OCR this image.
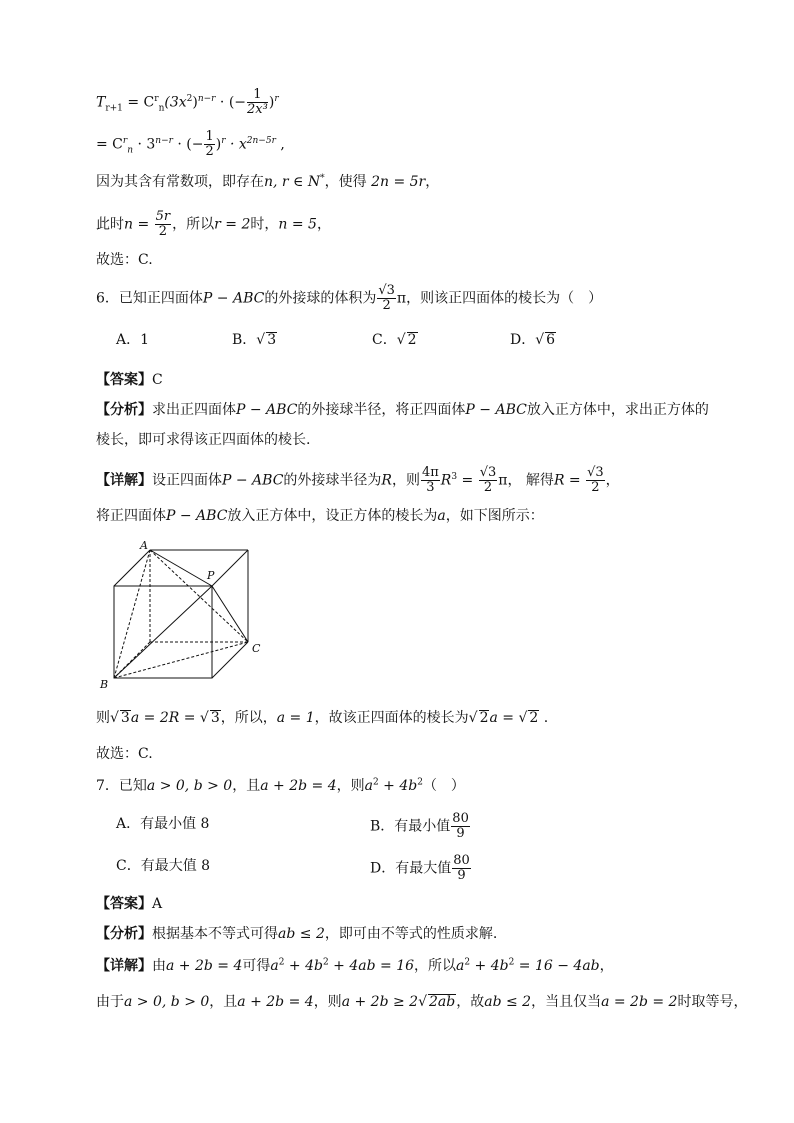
$T_{r+1} = C^r_n(3x^2)^{n-r}$ · (− $\frac{1}{\text{2x³}} )^r$
= $C^r_n \cdot 3^{n-r}$ · (− $\frac{1}{2} )^r \cdot x^{2n-5r}$ ,
因为其含有常数项，即存在n, r ∈ N*，使得 2n = 5r，
此时$n = \frac{5r}{2}$ ，所以r = 2时，n = 5，
故选：C.
6．已知正四面体P − ABC的外接球的体积为 $\frac{√3}{2}$ π，则该正四面体的棱长为（　）
A．1	B．√ 3	C．√ 2	D．√ 6
【答案】C
【分析】求出正四面体P − ABC的外接球半径，将正四面体P − ABC放入正方体中，求出正方体的
棱长，即可求得该正四面体的棱长.
【详解】设正四面体P − ABC的外接球半径为R，则 $\frac{4\pi}{3} R^3 = \frac{√3}{2}$ π， 解得$R = \frac{√3}{2}$ ，
将正四面体P − ABC放入正方体中，设正方体的棱长为a，如下图所示：
A
P
C
B
则√ 3a = 2R = √ 3，所以，a = 1，故该正四面体的棱长为√ 2a = √ 2 .
故选：C.
7．已知a > 0, b > 0，且a + 2b = 4，则$a^2 + 4b^2$（　）
A．有最小值 8	B．有最小值 $\frac{80}{9}$
C．有最大值 8	D．有最大值 $\frac{80}{9}$
【答案】A
【分析】根据基本不等式可得ab ≤ 2，即可由不等式的性质求解.
【详解】由a + 2b = 4可得$a^2 + 4b^2 + 4ab = 16$，所以$a^2 + 4b^2 = 16 - 4ab$，
由于a > 0, b > 0，且a + 2b = 4，则a + 2b ≥ 2√ 2ab，故ab ≤ 2，当且仅当a = 2b = 2时取等号，
